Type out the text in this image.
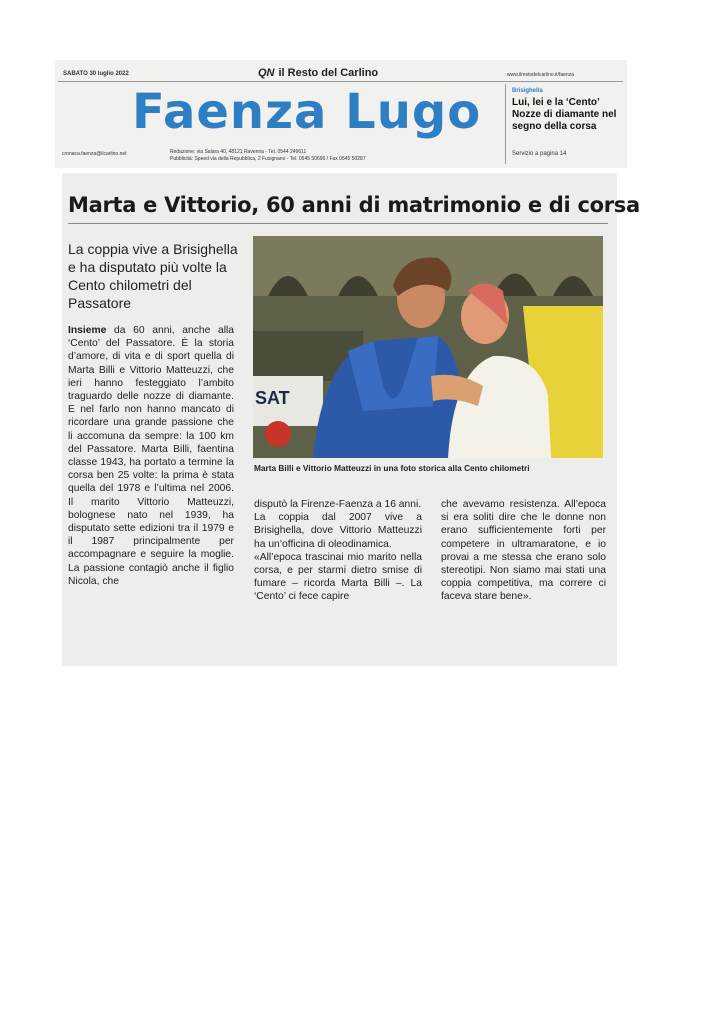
SABATO 30 luglio 2022	QN il Resto del Carlino	www.ilrestodelcarlino.it/faenza
Faenza Lugo	Brisighella
Lui, lei e la ‘Cento’ Nozze di diamante nel segno della corsa
Servizio a pagina 14
cronaca.faenza@ilcarlino.net	Redazione: via Salara 40, 48121 Ravenna - Tel. 0544 249611
Pubblicità: Speed via della Repubblica, 2 Fusignano - Tel. 0545 50696 / Fax 0545 50287
Marta e Vittorio, 60 anni di matrimonio e di corsa
La coppia vive a Brisighella e ha disputato più volte la Cento chilometri del Passatore
SAT
Marta Billi e Vittorio Matteuzzi in una foto storica alla Cento chilometri

Insieme da 60 anni, anche alla ‘Cento’ del Passatore. È la storia d’amore, di vita e di sport quella di Marta Billi e Vittorio Matteuzzi, che ieri hanno festeggiato l’ambito traguardo delle nozze di diamante. E nel farlo non hanno mancato di ricordare una grande passione che li accomuna da sempre: la 100 km del Passatore. Marta Billi, faentina classe 1943, ha portato a termine la corsa ben 25 volte: la prima è stata quella del 1978 e l’ultima nel 2006. Il marito Vittorio Matteuzzi, bolognese nato nel 1939, ha disputato sette edizioni tra il 1979 e il 1987 principalmente per accompagnare e seguire la moglie. La passione contagiò anche il figlio Nicola, che

disputò la Firenze-Faenza a 16 anni.

La coppia dal 2007 vive a Brisighella, dove Vittorio Matteuzzi ha un’officina di oleodinamica.

«All’epoca trascinai mio marito nella corsa, e per starmi dietro smise di fumare – ricorda Marta Billi –. La ‘Cento’ ci fece capire

che avevamo resistenza. All’epoca si era soliti dire che le donne non erano sufficientemente forti per competere in ultramaratone, e io provai a me stessa che erano solo stereotipi. Non siamo mai stati una coppia competitiva, ma correre ci faceva stare bene».
